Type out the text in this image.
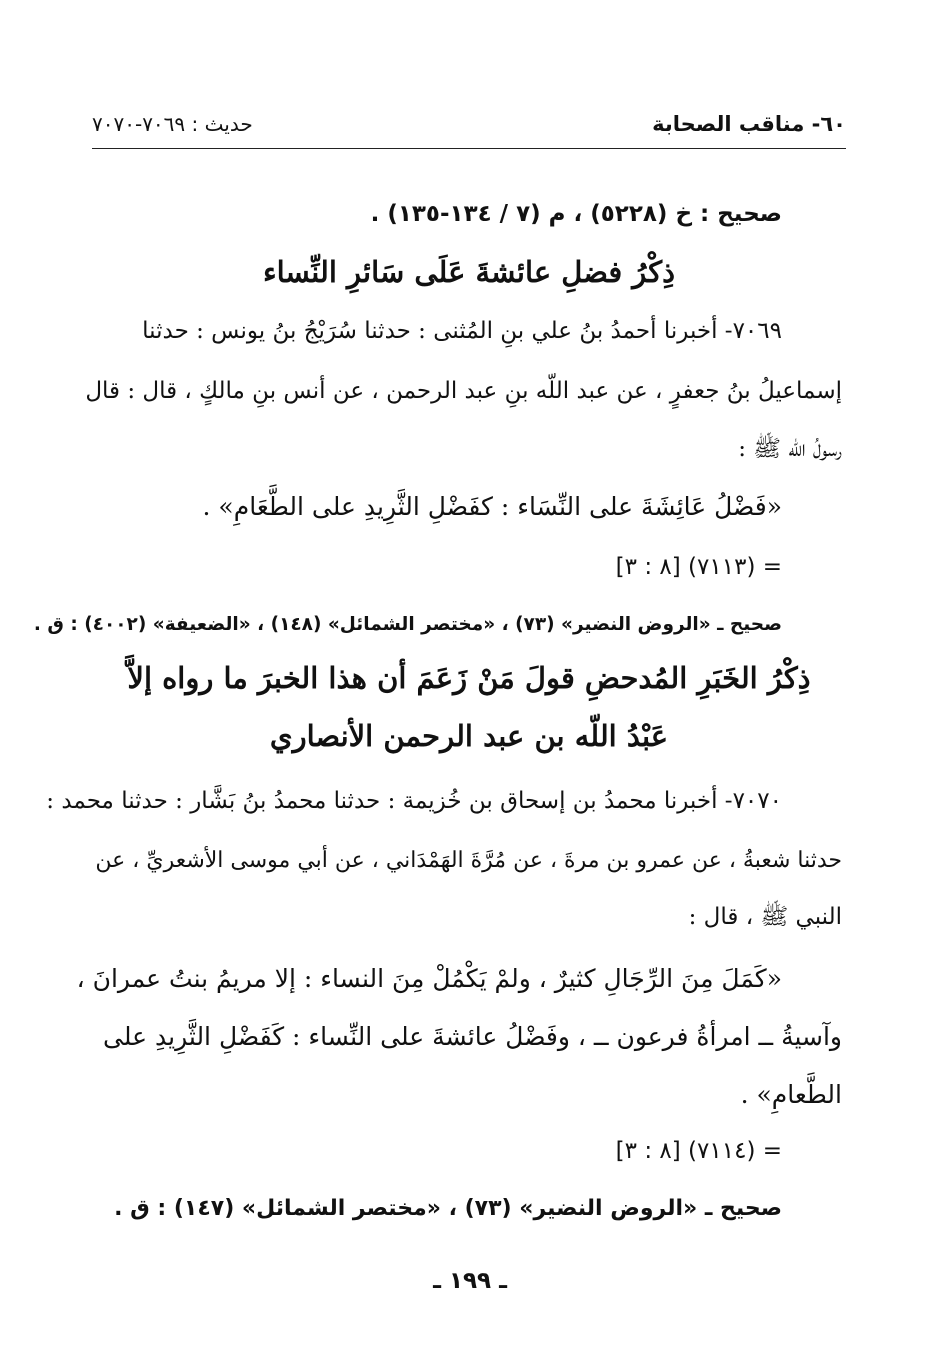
٦٠- مناقب الصحابة
حديث : ٧٠٦٩-٧٠٧٠
صحيح : خ (٥٢٢٨) ، م (٧ / ١٣٤-١٣٥) .
ذِكْرُ فضلِ عائشةَ عَلَى سَائرِ النِّساء
٧٠٦٩- أخبرنا أحمدُ بنُ علي بنِ المُثنى : حدثنا سُرَيْجُ بنُ يونس : حدثنا
إسماعيلُ بنُ جعفرٍ ، عن عبد اللّه بنِ عبد الرحمن ، عن أنس بنِ مالكٍ ، قال : قال
رسولُ اللّه ﷺ :
«فَضْلُ عَائِشَةَ على النِّسَاء : كفَضْلِ الثَّرِيدِ على الطَّعَامِ» .
= (٧١١٣) [٨ : ٣]
صحيح ـ «الروض النضير» (٧٣) ، «مختصر الشمائل» (١٤٨) ، «الضعيفة» (٤٠٠٢) : ق .
ذِكْرُ الخَبَرِ المُدحضِ قولَ مَنْ زَعَمَ أن هذا الخبرَ ما رواه إلاَّ
عَبْدُ اللّه بن عبد الرحمن الأنصاري
٧٠٧٠- أخبرنا محمدُ بن إسحاق بن خُزيمة : حدثنا محمدُ بنُ بَشَّار : حدثنا محمد :
حدثنا شعبةُ ، عن عمرو بن مرةَ ، عن مُرَّةَ الهَمْدَاني ، عن أبي موسى الأشعريِّ ، عن
النبي ﷺ ، قال :
«كَمَلَ مِنَ الرِّجَالِ كثيرٌ ، ولمْ يَكْمُلْ مِنَ النساء : إلا مريمُ بنتُ عمرانَ ،
وآسيةُ ــ امرأةُ فرعون ــ ، وفَضْلُ عائشةَ على النِّساء : كَفَضْلِ الثَّرِيدِ على
الطَّعامِ» .
= (٧١١٤) [٨ : ٣]
صحيح ـ «الروض النضير» (٧٣) ، «مختصر الشمائل» (١٤٧) : ق .
ـ ١٩٩ ـ
